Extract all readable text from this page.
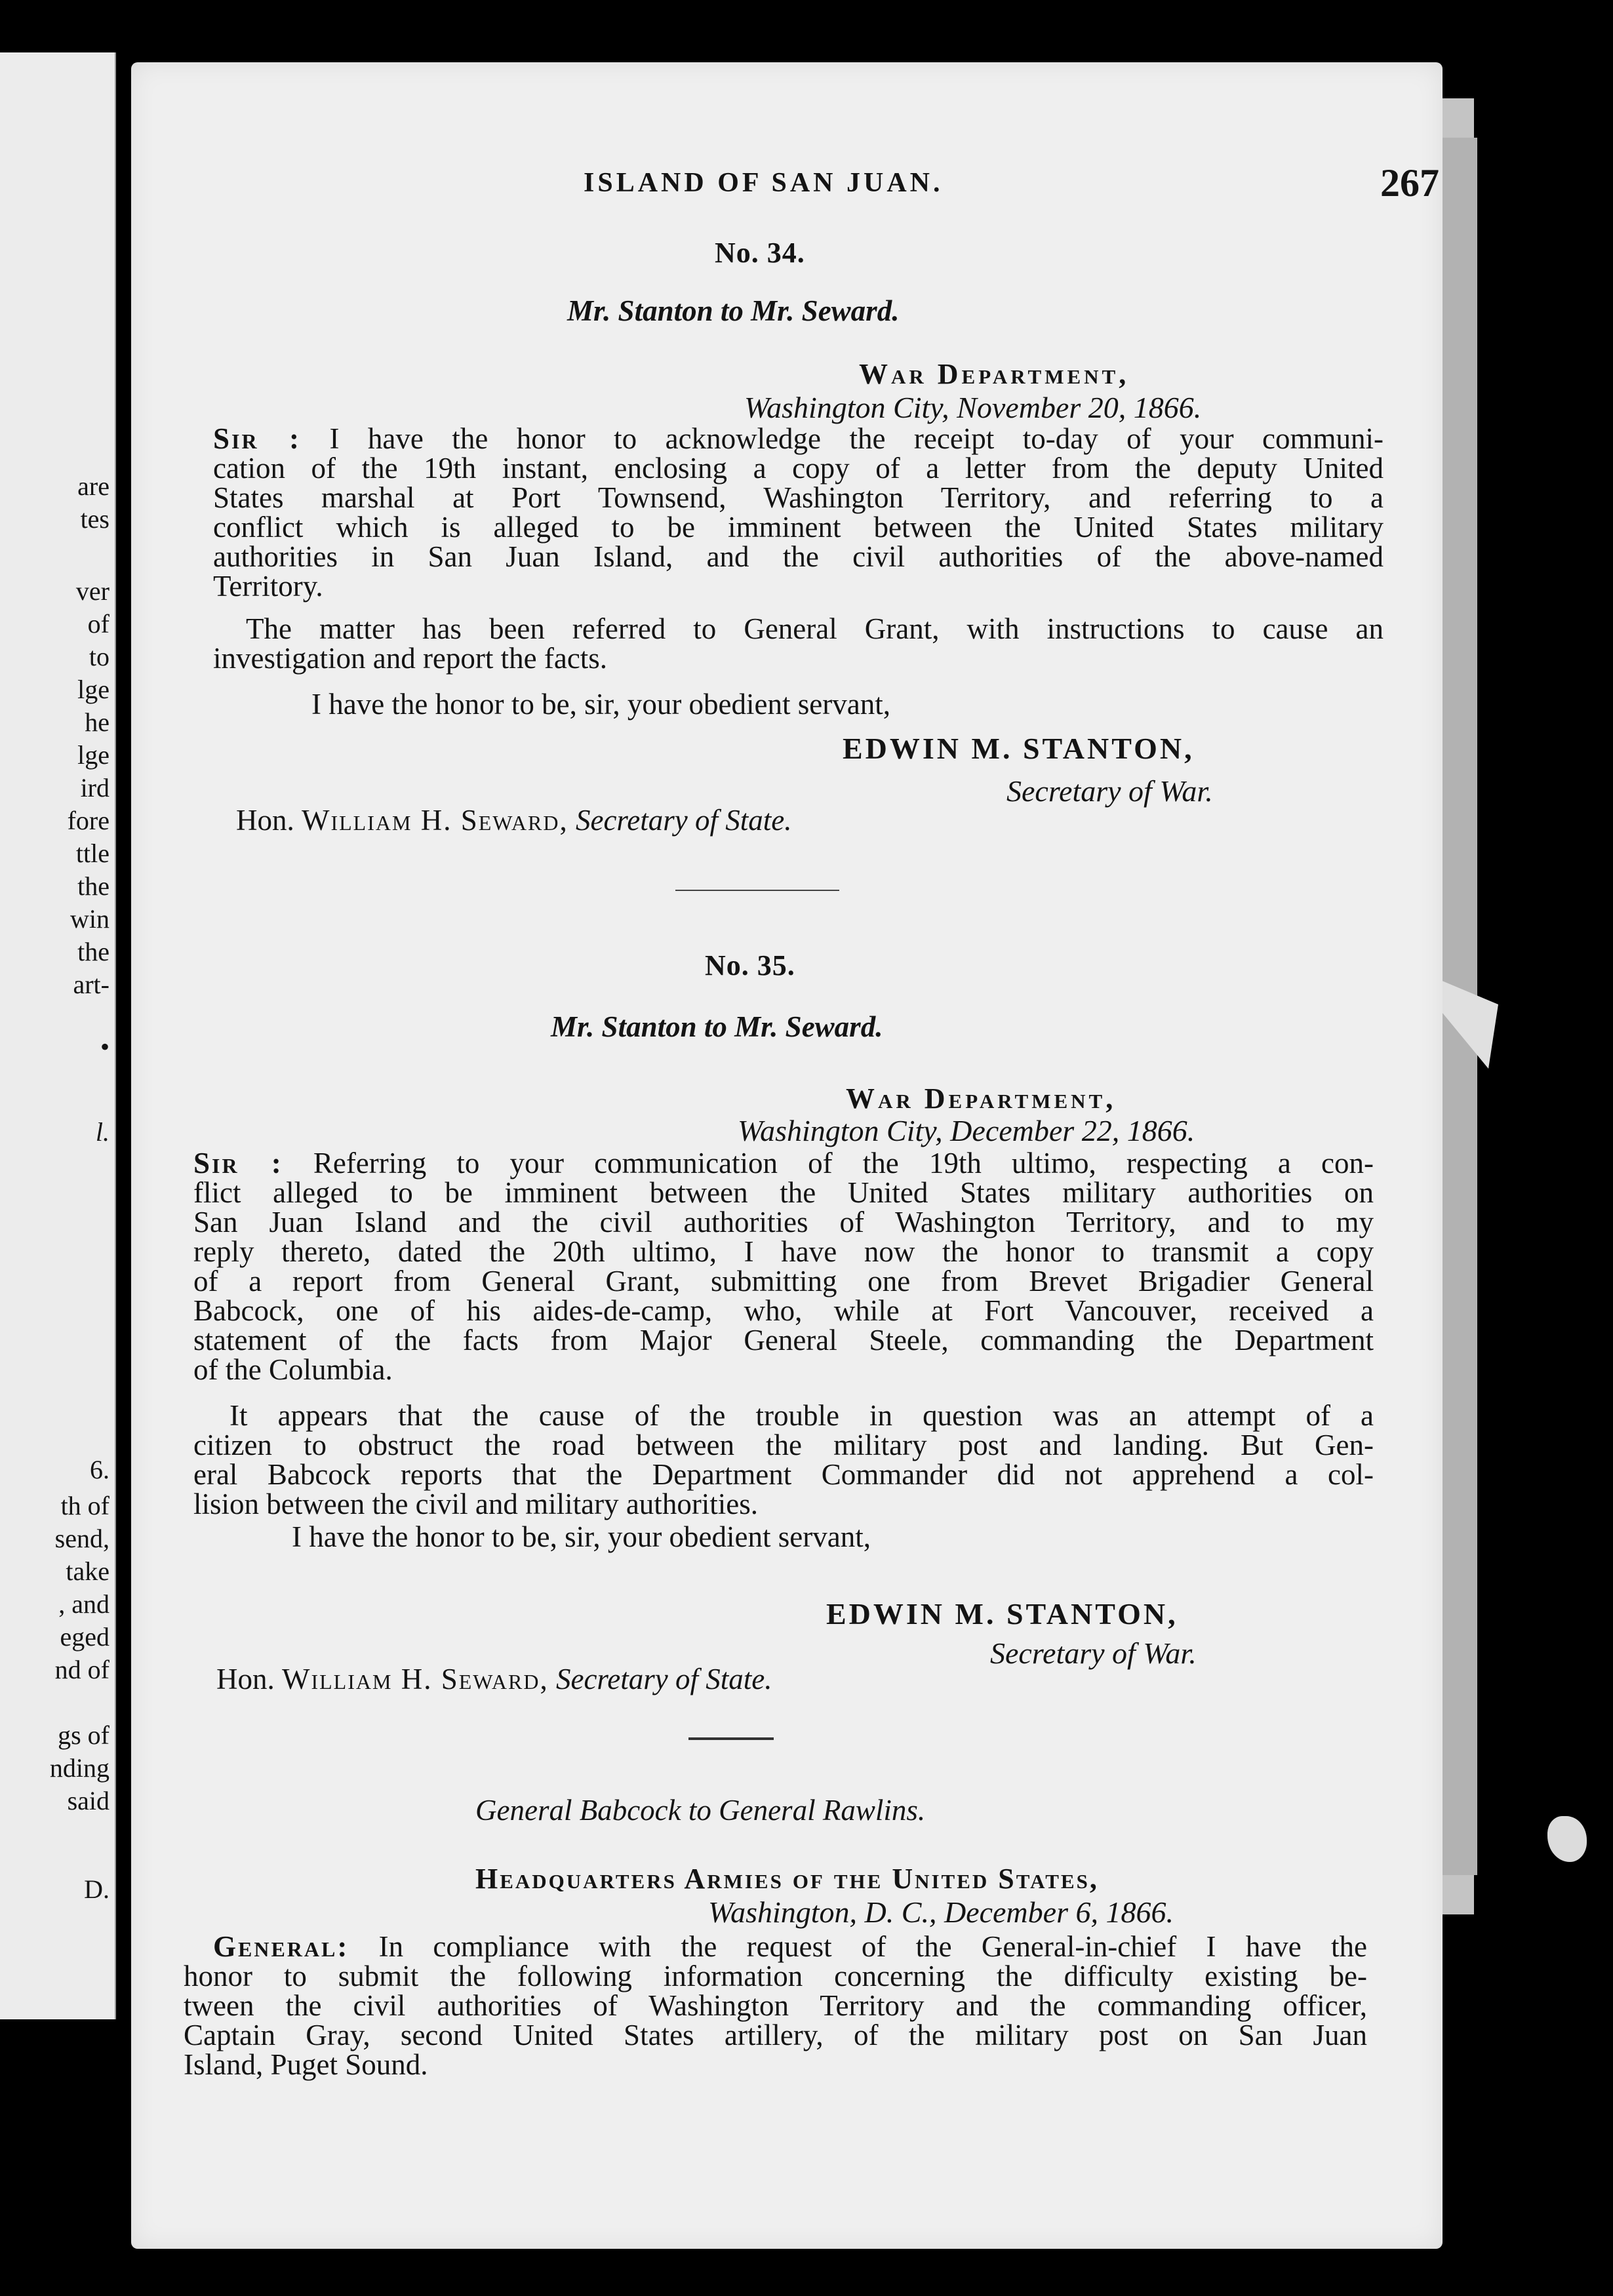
are
tes
ver
of
to
lge
he
lge
ird
fore
ttle
the
win
the
art-
•
l.
6.
th of
send,
take
, and
eged
nd of
gs of
nding
said
D.
ISLAND OF SAN JUAN.	267
No. 34.
Mr. Stanton to Mr. Seward.
War Department,
Washington City, November 20, 1866.
Sir : I have the honor to acknowledge the receipt to-day of your communi-
cation of the 19th instant, enclosing a copy of a letter from the deputy United
States marshal at Port Townsend, Washington Territory, and referring to a
conflict which is alleged to be imminent between the United States military
authorities in San Juan Island, and the civil authorities of the above-named
Territory.
The matter has been referred to General Grant, with instructions to cause an
investigation and report the facts.
I have the honor to be, sir, your obedient servant,
EDWIN M. STANTON,
Secretary of War.
Hon. William H. Seward, Secretary of State.
No. 35.
Mr. Stanton to Mr. Seward.
War Department,
Washington City, December 22, 1866.
Sir : Referring to your communication of the 19th ultimo, respecting a con-
flict alleged to be imminent between the United States military authorities on
San Juan Island and the civil authorities of Washington Territory, and to my
reply thereto, dated the 20th ultimo, I have now the honor to transmit a copy
of a report from General Grant, submitting one from Brevet Brigadier General
Babcock, one of his aides-de-camp, who, while at Fort Vancouver, received a
statement of the facts from Major General Steele, commanding the Department
of the Columbia.
It appears that the cause of the trouble in question was an attempt of a
citizen to obstruct the road between the military post and landing. But Gen-
eral Babcock reports that the Department Commander did not apprehend a col-
lision between the civil and military authorities.
I have the honor to be, sir, your obedient servant,
EDWIN M. STANTON,
Secretary of War.
Hon. William H. Seward, Secretary of State.
General Babcock to General Rawlins.
Headquarters Armies of the United States,
Washington, D. C., December 6, 1866.
General: In compliance with the request of the General-in-chief I have the
honor to submit the following information concerning the difficulty existing be-
tween the civil authorities of Washington Territory and the commanding officer,
Captain Gray, second United States artillery, of the military post on San Juan
Island, Puget Sound.
